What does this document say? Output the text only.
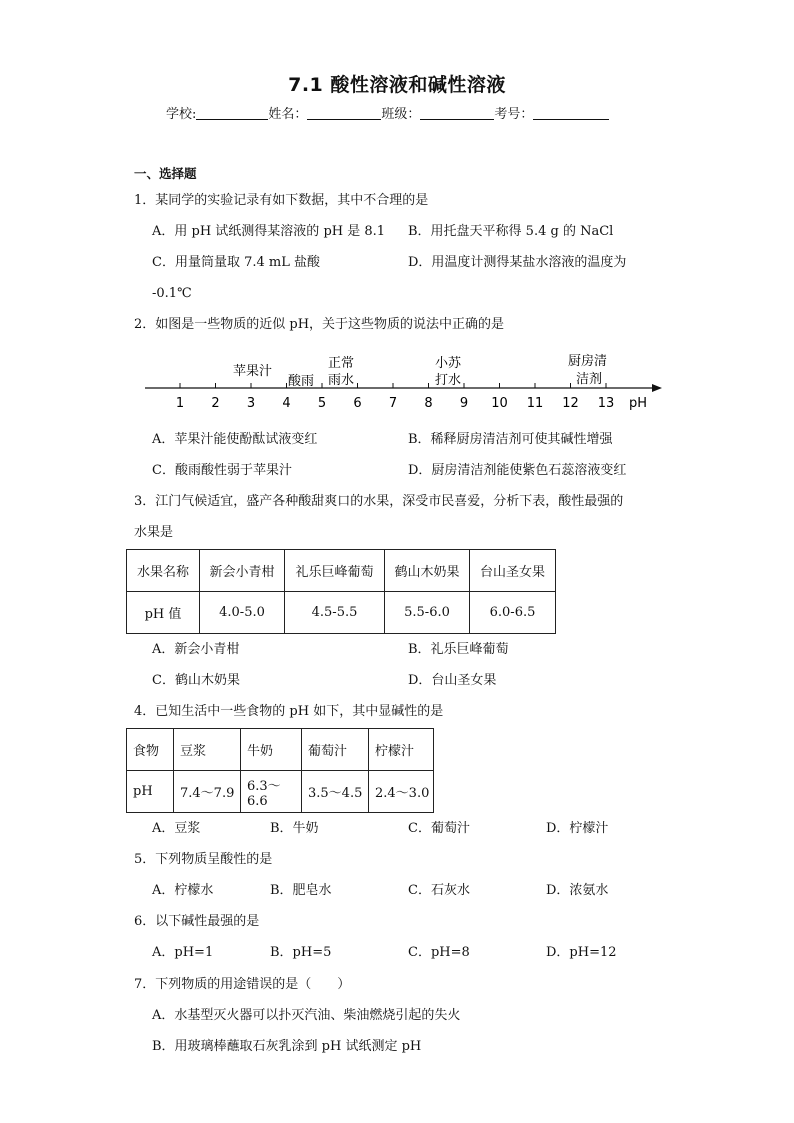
7.1 酸性溶液和碱性溶液
学校:	姓名：	班级：	考号：
一、选择题
1．某同学的实验记录有如下数据，其中不合理的是
A．用 pH 试纸测得某溶液的 pH 是 8.1 B．用托盘天平称得 5.4 g 的 NaCl
C．用量筒量取 7.4 mL 盐酸	D．用温度计测得某盐水溶液的温度为
-0.1℃
2．如图是一些物质的近似 pH，关于这些物质的说法中正确的是
1 2 3 4 5 6 7 8 9 10 11 12 13 pH
苹果汁
酸雨
正常
雨水
小苏
打水
厨房清
洁剂
A．苹果汁能使酚酞试液变红	B．稀释厨房清洁剂可使其碱性增强
C．酸雨酸性弱于苹果汁	D．厨房清洁剂能使紫色石蕊溶液变红
3．江门气候适宜，盛产各种酸甜爽口的水果，深受市民喜爱，分析下表，酸性最强的
水果是
水果名称	新会小青柑	礼乐巨峰葡萄	鹤山木奶果	台山圣女果
pH 值	4.0-5.0	4.5-5.5	5.5-6.0	6.0-6.5
A．新会小青柑	B．礼乐巨峰葡萄
C．鹤山木奶果	D．台山圣女果
4．已知生活中一些食物的 pH 如下，其中显碱性的是
食物	豆浆	牛奶	葡萄汁	柠檬汁
pH	7.4～7.9	6.3～6.6	3.5～4.5	2.4～3.0
A．豆浆	B．牛奶	C．葡萄汁	D．柠檬汁
5．下列物质呈酸性的是
A．柠檬水	B．肥皂水	C．石灰水	D．浓氨水
6．以下碱性最强的是
A．pH=1	B．pH=5	C．pH=8	D．pH=12
7．下列物质的用途错误的是（　　）
A．水基型灭火器可以扑灭汽油、柴油燃烧引起的失火
B．用玻璃棒蘸取石灰乳涂到 pH 试纸测定 pH
